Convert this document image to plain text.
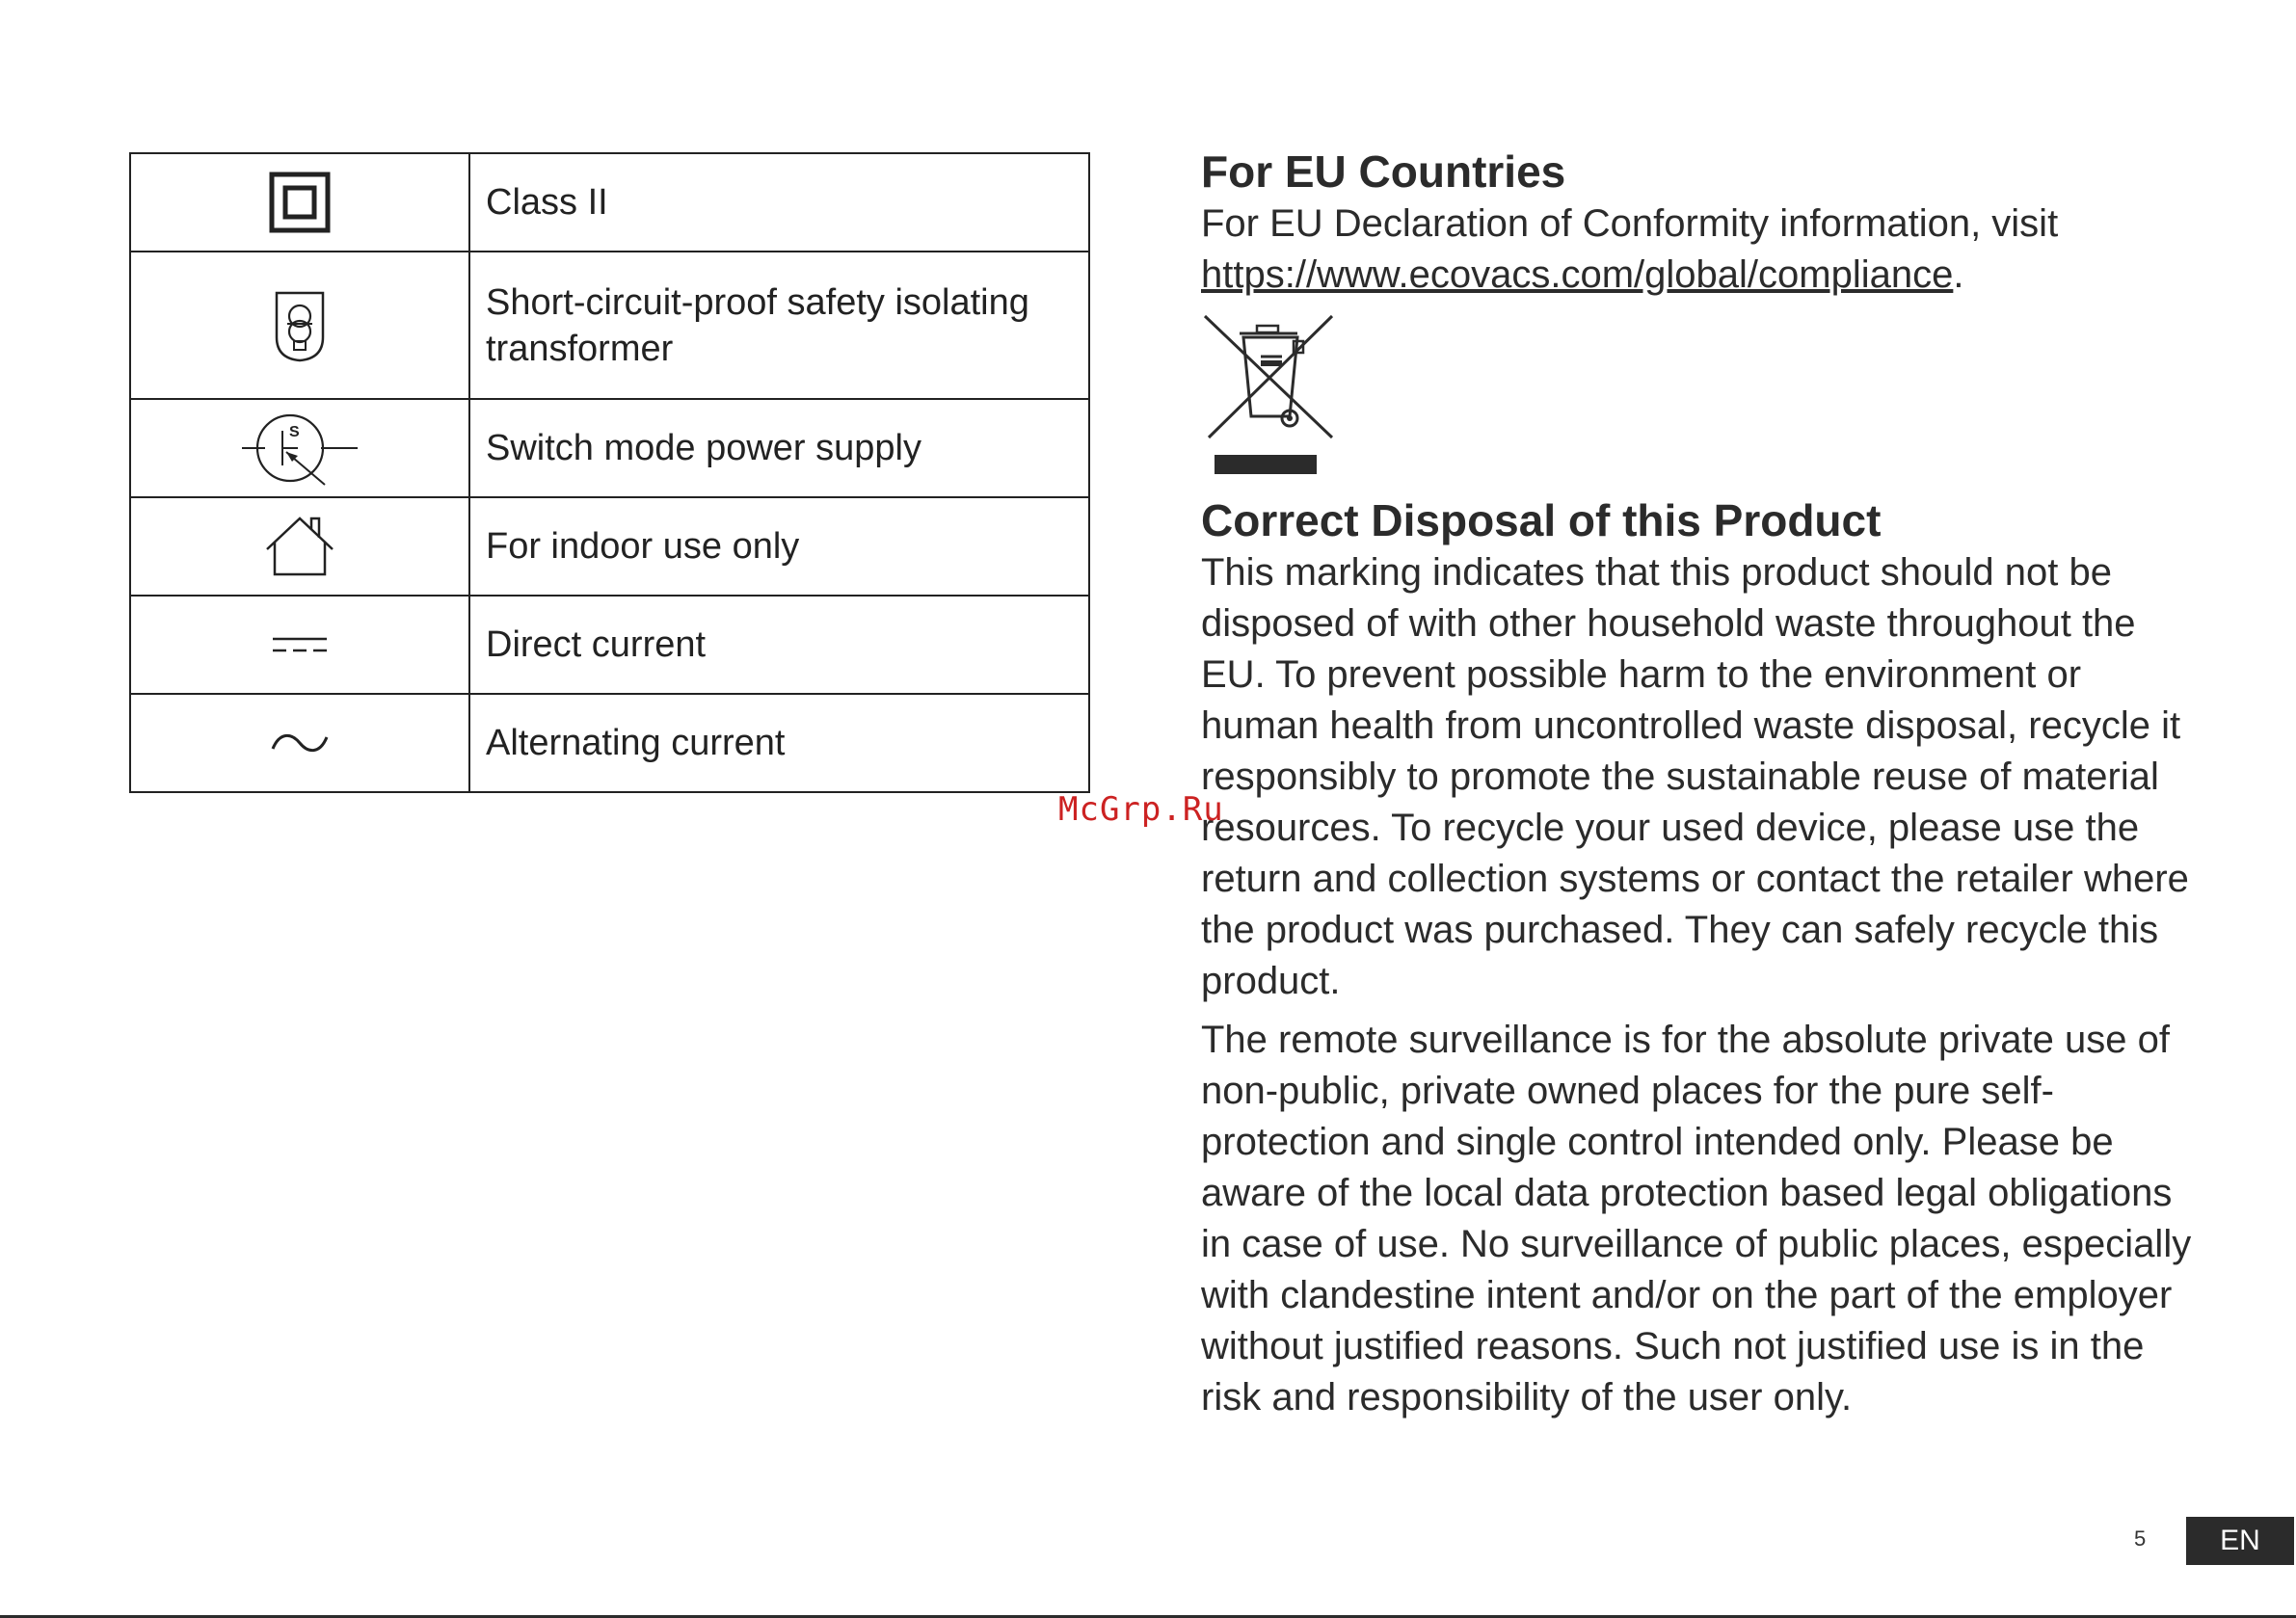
	Class II

	Short-circuit-proof safety isolating transformer

S	Switch mode power supply

	For indoor use only

	Direct current

	Alternating current
For EU Countries

For EU Declaration of Conformity information, visit
https://www.ecovacs.com/global/compliance.

Correct Disposal of this Product

This marking indicates that this product should not be disposed of with other household waste throughout the EU. To prevent possible harm to the environment or human health from uncontrolled waste disposal, recycle it responsibly to promote the sustainable reuse of material resources. To recycle your used device, please use the return and collection systems or contact the retailer where the product was purchased. They can safely recycle this product.

The remote surveillance is for the absolute private use of non-public, private owned places for the pure self-protection and single control intended only. Please be aware of the local data protection based legal obligations in case of use. No surveillance of public places, especially with clandestine intent and/or on the part of the employer without justified reasons. Such not justified use is in the risk and responsibility of the user only.

McGrp.Ru
5	EN
